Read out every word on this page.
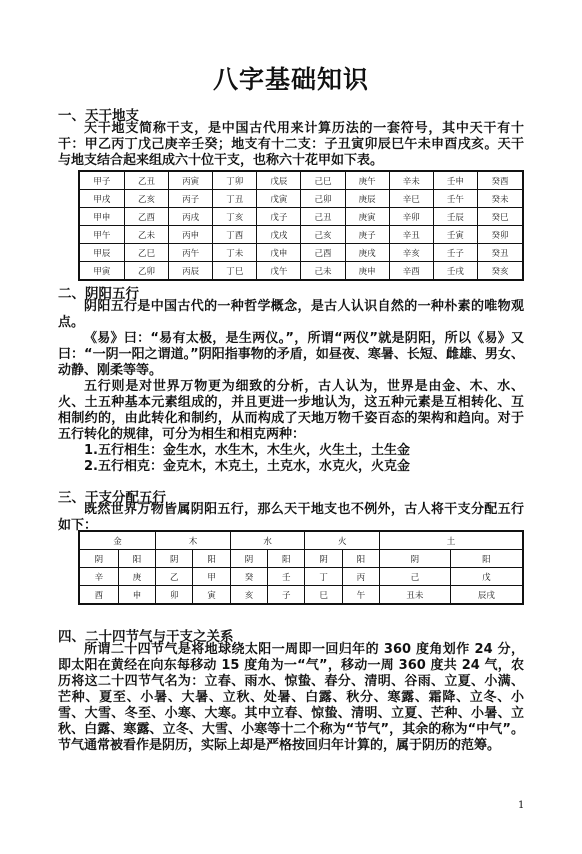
八字基础知识
一、天干地支
天干地支简称干支，是中国古代用来计算历法的一套符号，其中天干有十干：甲乙丙丁戊己庚辛壬癸；地支有十二支：子丑寅卯辰巳午未申酉戌亥。天干与地支结合起来组成六十位干支，也称六十花甲如下表。
甲子	乙丑	丙寅	丁卯	戊辰	己巳	庚午	辛未	壬申	癸酉
甲戌	乙亥	丙子	丁丑	戊寅	己卯	庚辰	辛巳	壬午	癸未
甲申	乙酉	丙戌	丁亥	戊子	己丑	庚寅	辛卯	壬辰	癸巳
甲午	乙未	丙申	丁酉	戊戌	己亥	庚子	辛丑	壬寅	癸卯
甲辰	乙巳	丙午	丁未	戊申	己酉	庚戌	辛亥	壬子	癸丑
甲寅	乙卯	丙辰	丁巳	戊午	己未	庚申	辛酉	壬戌	癸亥
二、阴阳五行
阴阳五行是中国古代的一种哲学概念，是古人认识自然的一种朴素的唯物观点。
《易》曰：“易有太极，是生两仪。”，所谓“两仪”就是阴阳，所以《易》又曰：“一阴一阳之谓道。”阴阳指事物的矛盾，如昼夜、寒暑、长短、雌雄、男女、动静、刚柔等等。
五行则是对世界万物更为细致的分析，古人认为，世界是由金、木、水、火、土五种基本元素组成的，并且更进一步地认为，这五种元素是互相转化、互相制约的，由此转化和制约，从而构成了天地万物千姿百态的架构和趋向。对于五行转化的规律，可分为相生和相克两种：
1.五行相生：金生水，水生木，木生火，火生土，土生金
2.五行相克：金克木，木克土，土克水，水克火，火克金
三、干支分配五行
既然世界万物皆属阴阳五行，那么天干地支也不例外，古人将干支分配五行如下：
金		木		水		火		土	
阴	阳	阴	阳	阴	阳	阴	阳	阴	阳
辛	庚	乙	甲	癸	壬	丁	丙	己	戊
酉	申	卯	寅	亥	子	巳	午	丑未	辰戌
四、二十四节气与干支之关系
所谓二十四节气是将地球绕太阳一周即一回归年的 360 度角划作 24 分，即太阳在黄经在向东每移动 15 度角为一“气”，移动一周 360 度共 24 气，农历将这二十四节气名为：立春、雨水、惊蛰、春分、清明、谷雨、立夏、小满、芒种、夏至、小暑、大暑、立秋、处暑、白露、秋分、寒露、霜降、立冬、小雪、大雪、冬至、小寒、大寒。其中立春、惊蛰、清明、立夏、芒种、小暑、立秋、白露、寒露、立冬、大雪、小寒等十二个称为“节气”，其余的称为“中气”。节气通常被看作是阴历，实际上却是严格按回归年计算的，属于阴历的范筹。
1
